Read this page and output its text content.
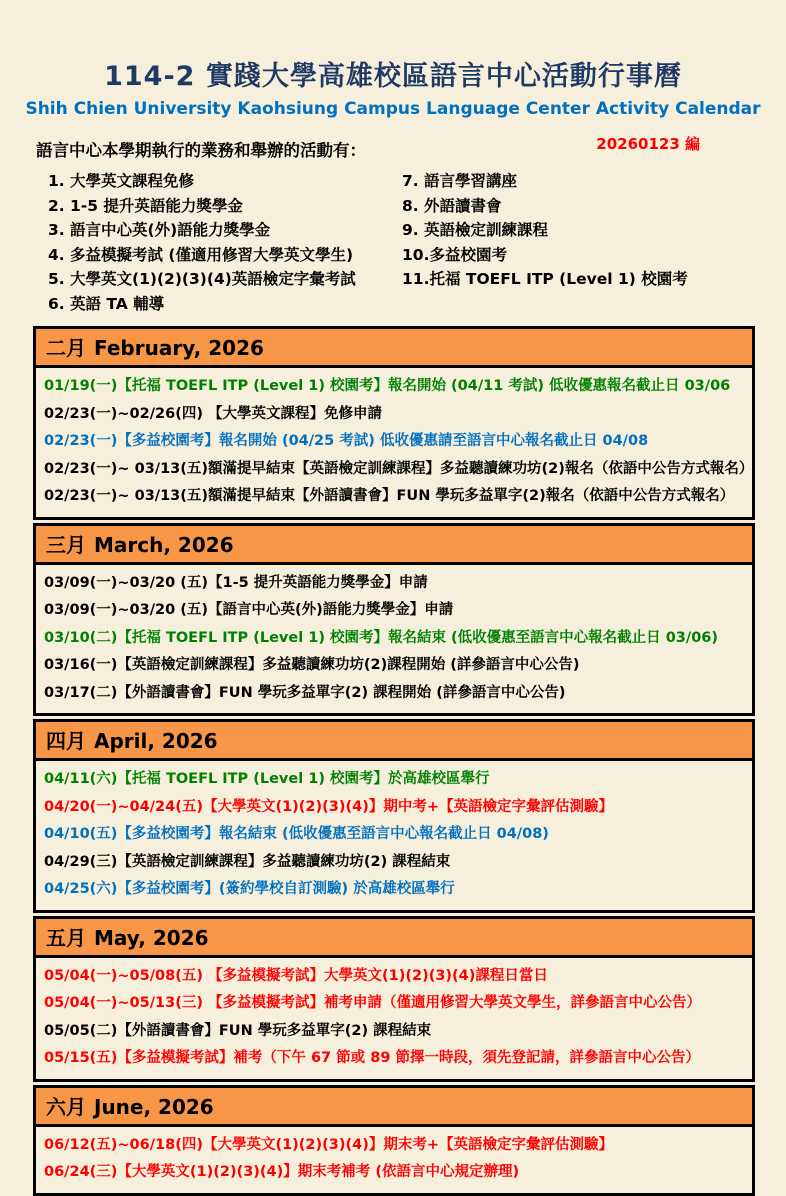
114-2 實踐大學高雄校區語言中心活動行事曆
Shih Chien University Kaohsiung Campus Language Center Activity Calendar
語言中心本學期執行的業務和舉辦的活動有：	20260123 編
1. 大學英文課程免修
2. 1-5 提升英語能力獎學金
3. 語言中心英(外)語能力獎學金
4. 多益模擬考試 (僅適用修習大學英文學生)
5. 大學英文(1)(2)(3)(4)英語檢定字彙考試
6. 英語 TA 輔導
7. 語言學習講座
8. 外語讀書會
9. 英語檢定訓練課程
10.多益校園考
11.托福 TOEFL ITP (Level 1) 校園考
二月 February, 2026
01/19(一)【托福 TOEFL ITP (Level 1) 校園考】報名開始 (04/11 考試) 低收優惠報名截止日 03/06
02/23(一)~02/26(四) 【大學英文課程】免修申請
02/23(一)【多益校園考】報名開始 (04/25 考試) 低收優惠請至語言中心報名截止日 04/08
02/23(一)~ 03/13(五)額滿提早結束【英語檢定訓練課程】多益聽讀練功坊(2)報名（依語中公告方式報名）
02/23(一)~ 03/13(五)額滿提早結束【外語讀書會】FUN 學玩多益單字(2)報名（依語中公告方式報名）
三月 March, 2026
03/09(一)~03/20 (五)【1-5 提升英語能力獎學金】申請
03/09(一)~03/20 (五)【語言中心英(外)語能力獎學金】申請
03/10(二)【托福 TOEFL ITP (Level 1) 校園考】報名結束 (低收優惠至語言中心報名截止日 03/06)
03/16(一)【英語檢定訓練課程】多益聽讀練功坊(2)課程開始 (詳參語言中心公告)
03/17(二)【外語讀書會】FUN 學玩多益單字(2) 課程開始 (詳參語言中心公告)
四月 April, 2026
04/11(六)【托福 TOEFL ITP (Level 1) 校園考】於高雄校區舉行
04/20(一)~04/24(五)【大學英文(1)(2)(3)(4)】期中考+【英語檢定字彙評估測驗】
04/10(五)【多益校園考】報名結束 (低收優惠至語言中心報名截止日 04/08)
04/29(三)【英語檢定訓練課程】多益聽讀練功坊(2) 課程結束
04/25(六)【多益校園考】(簽約學校自訂測驗) 於高雄校區舉行
五月 May, 2026
05/04(一)~05/08(五) 【多益模擬考試】大學英文(1)(2)(3)(4)課程日當日
05/04(一)~05/13(三) 【多益模擬考試】補考申請（僅適用修習大學英文學生，詳參語言中心公告）
05/05(二)【外語讀書會】FUN 學玩多益單字(2) 課程結束
05/15(五)【多益模擬考試】補考（下午 67 節或 89 節擇一時段，須先登記請，詳參語言中心公告）
六月 June, 2026
06/12(五)~06/18(四)【大學英文(1)(2)(3)(4)】期末考+【英語檢定字彙評估測驗】
06/24(三)【大學英文(1)(2)(3)(4)】期末考補考 (依語言中心規定辦理)
